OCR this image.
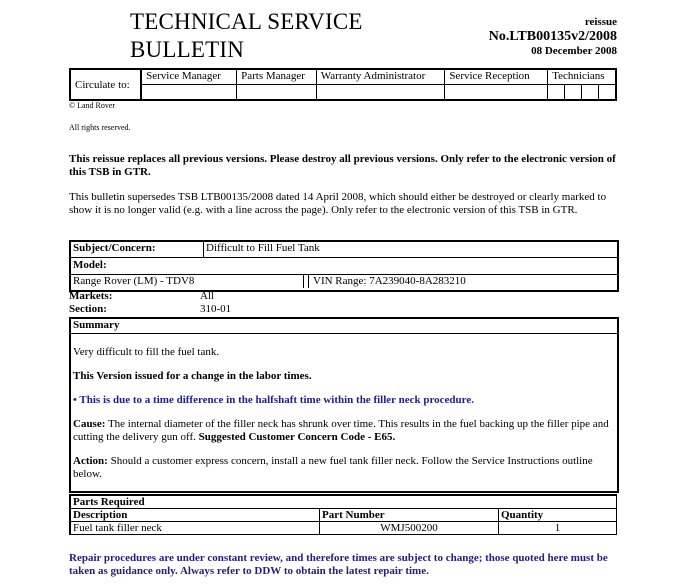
TECHNICAL SERVICE
BULLETIN
reissue
No.LTB00135v2/2008
08 December 2008
Circulate to:	Service Manager	Parts Manager	Warranty Administrator	Service Reception	Technicians			

© Land Rover
All rights reserved.
This reissue replaces all previous versions. Please destroy all previous versions. Only refer to the electronic version of this TSB in GTR.
This bulletin supersedes TSB LTB00135/2008 dated 14 April 2008, which should either be destroyed or clearly marked to show it is no longer valid (e.g. with a line across the page). Only refer to the electronic version of this TSB in GTR.
Subject/Concern:	Difficult to Fill Fuel Tank
Model:
Range Rover (LM) - TDV8	VIN Range: 7A239040-8A283210
Markets:	All
Section:	310-01
Summary

Very difficult to fill the fuel tank.

This Version issued for a change in the labor times.

• This is due to a time difference in the halfshaft time within the filler neck procedure.

Cause: The internal diameter of the filler neck has shrunk over time. This results in the fuel backing up the filler pipe and cutting the delivery gun off. Suggested Customer Concern Code - E65.

Action: Should a customer express concern, install a new fuel tank filler neck. Follow the Service Instructions outline below.

Parts Required		
Description	Part Number	Quantity
Fuel tank filler neck	WMJ500200	1
Repair procedures are under constant review, and therefore times are subject to change; those quoted here must be taken as guidance only. Always refer to DDW to obtain the latest repair time.
